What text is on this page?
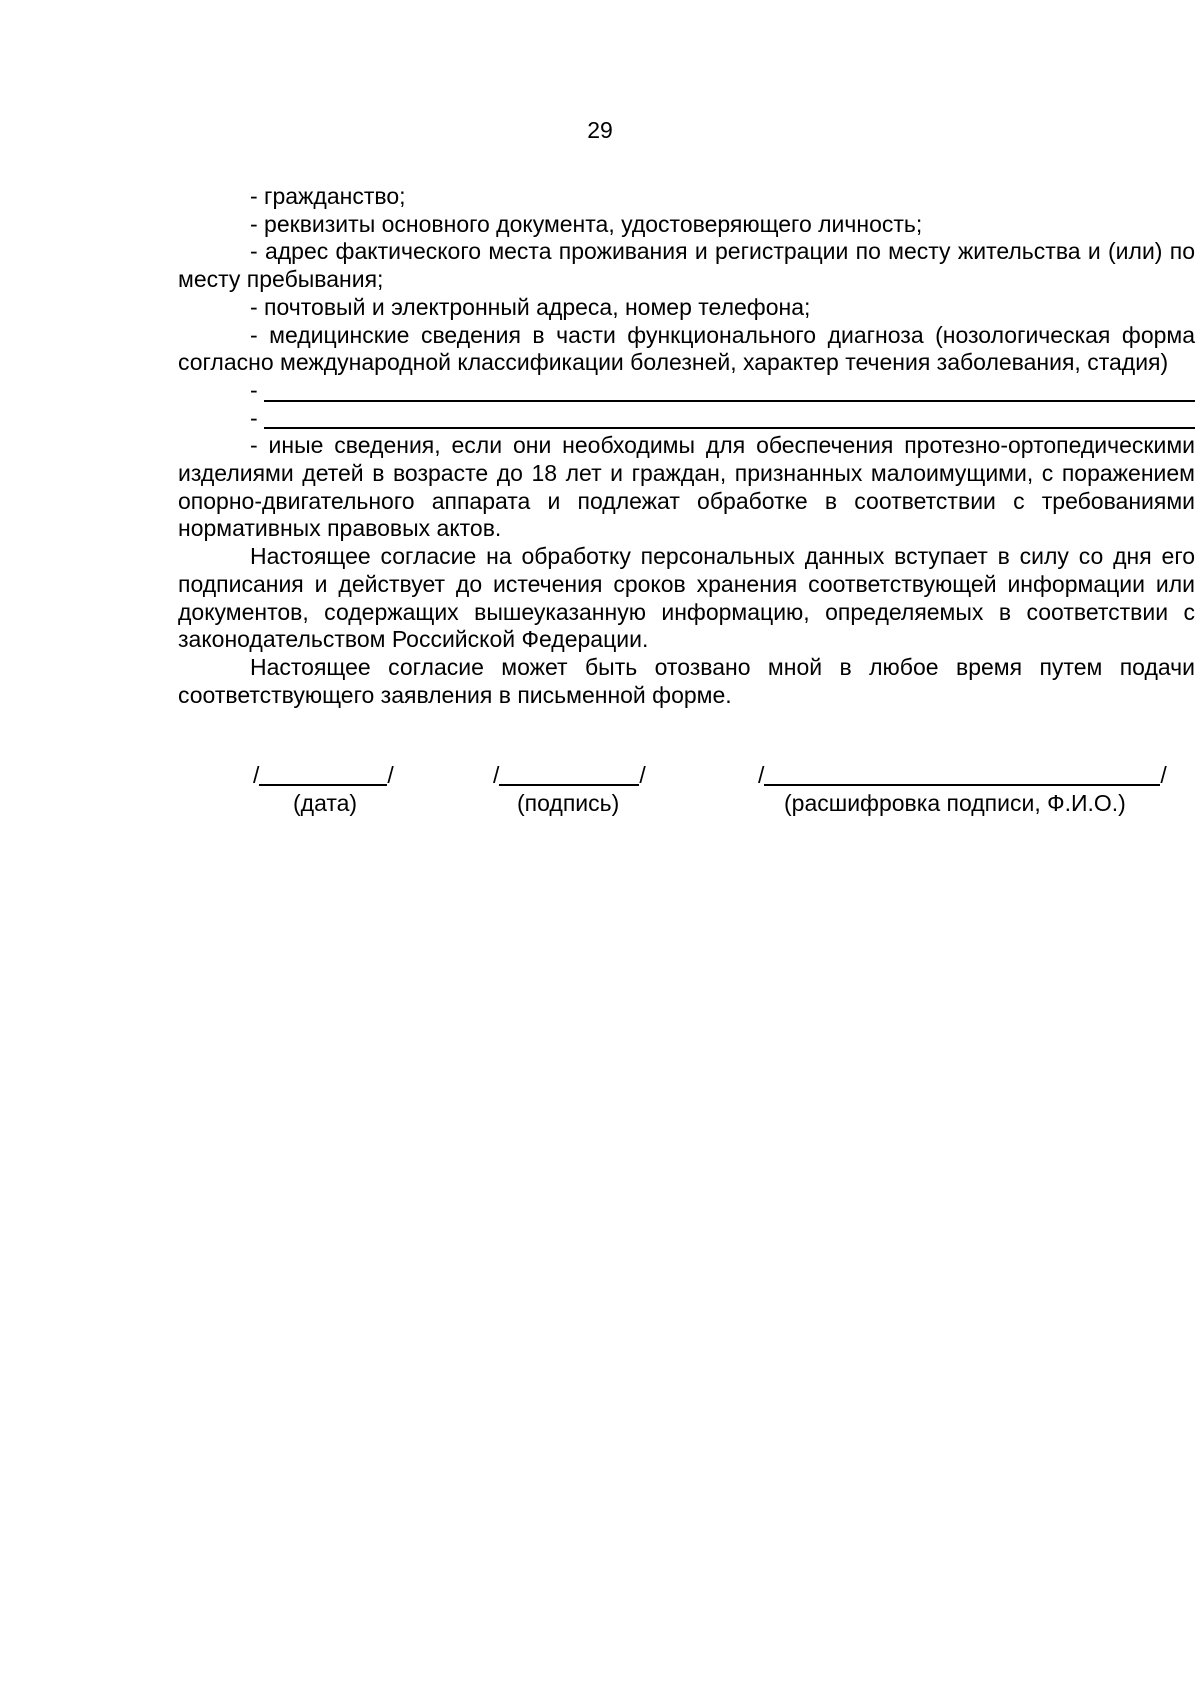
29

- гражданство;

- реквизиты основного документа, удостоверяющего личность;

- адрес фактического места проживания и регистрации по месту жительства и (или) по месту пребывания;

- почтовый и электронный адреса, номер телефона;

- медицинские сведения в части функционального диагноза (нозологическая форма согласно международной классификации болезней, характер течения заболевания, стадия)

-
-

- иные сведения, если они необходимы для обеспечения протезно-ортопедическими изделиями детей в возрасте до 18 лет и граждан, признанных малоимущими, с поражением опорно-двигательного аппарата и подлежат обработке в соответствии с требованиями нормативных правовых актов.

Настоящее согласие на обработку персональных данных вступает в силу со дня его подписания и действует до истечения сроков хранения соответствующей информации или документов, содержащих вышеуказанную информацию, определяемых в соответствии с законодательством Российской Федерации.

Настоящее согласие может быть отозвано мной в любое время путем подачи соответствующего заявления в письменной форме.

/	/
(дата)
/	/
(подпись)
/	/
(расшифровка подписи, Ф.И.О.)
